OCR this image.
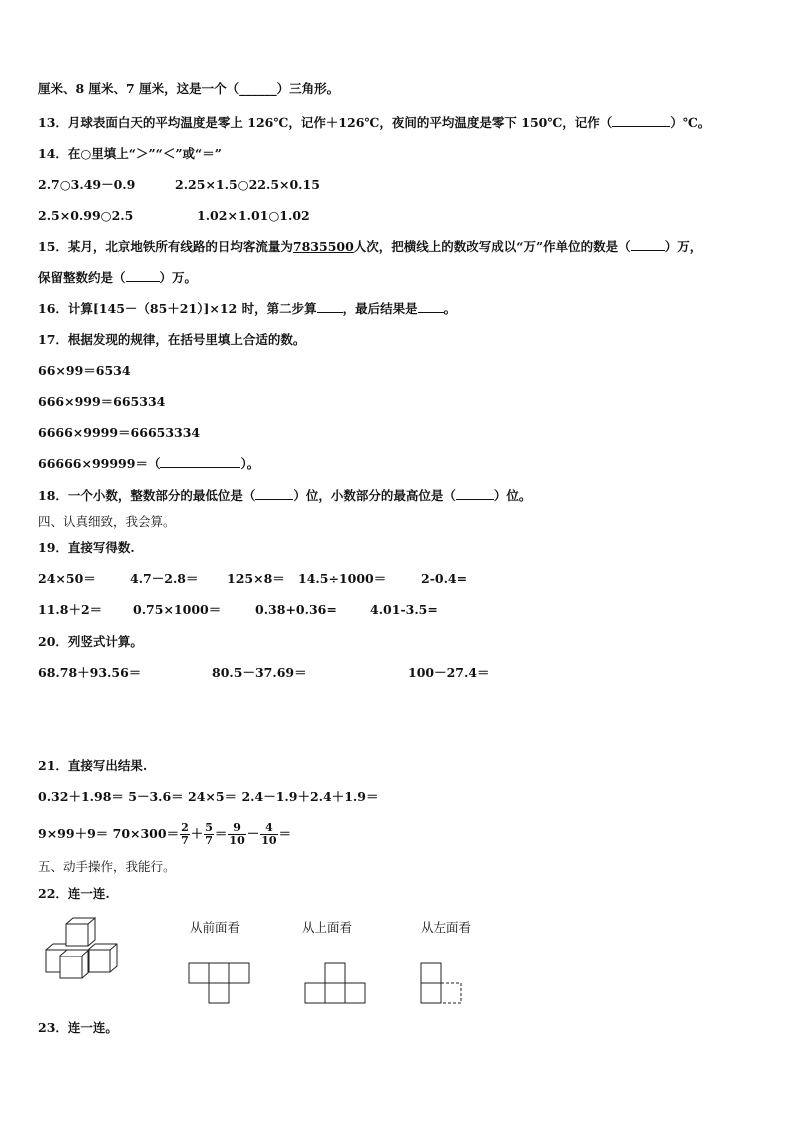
厘米、8 厘米、7 厘米，这是一个（______）三角形。
13．月球表面白天的平均温度是零上 126℃，记作＋126℃，夜间的平均温度是零下 150℃，记作（	）℃。
14．在○里填上“＞”“＜”或“＝”
2.7○3.49－0.9	2.25×1.5○22.5×0.15
2.5×0.99○2.5	1.02×1.01○1.02
15．某月，北京地铁所有线路的日均客流量为7835500人次，把横线上的数改写成以“万”作单位的数是（	）万，
保留整数约是（	）万。
16．计算[145－（85＋21）]×12 时，第二步算 ，最后结果是 。
17．根据发现的规律，在括号里填上合适的数。
66×99＝6534
666×999＝665334
6666×9999＝66653334
66666×99999＝（	）。
18．一个小数，整数部分的最低位是（	）位，小数部分的最高位是（	）位。
四、认真细致，我会算。
19．直接写得数.
24×50＝	4.7－2.8＝ 125×8＝ 14.5÷1000＝	2-0.4=
11.8＋2＝ 0.75×1000＝	0.38+0.36=	4.01-3.5=
20．列竖式计算。
68.78＋93.56＝	80.5－37.69＝	100－27.4＝
21．直接写出结果.
0.32＋1.98＝ 5－3.6＝ 24×5＝ 2.4－1.9＋2.4＋1.9＝
$9\times 99+9= 70\times 300= \frac{2}{7} + \frac{5}{7} = \frac{9}{10} - \frac{4}{10}$ ＝
五、动手操作，我能行。
22．连一连.
从前面看	从上面看	从左面看
23．连一连。
